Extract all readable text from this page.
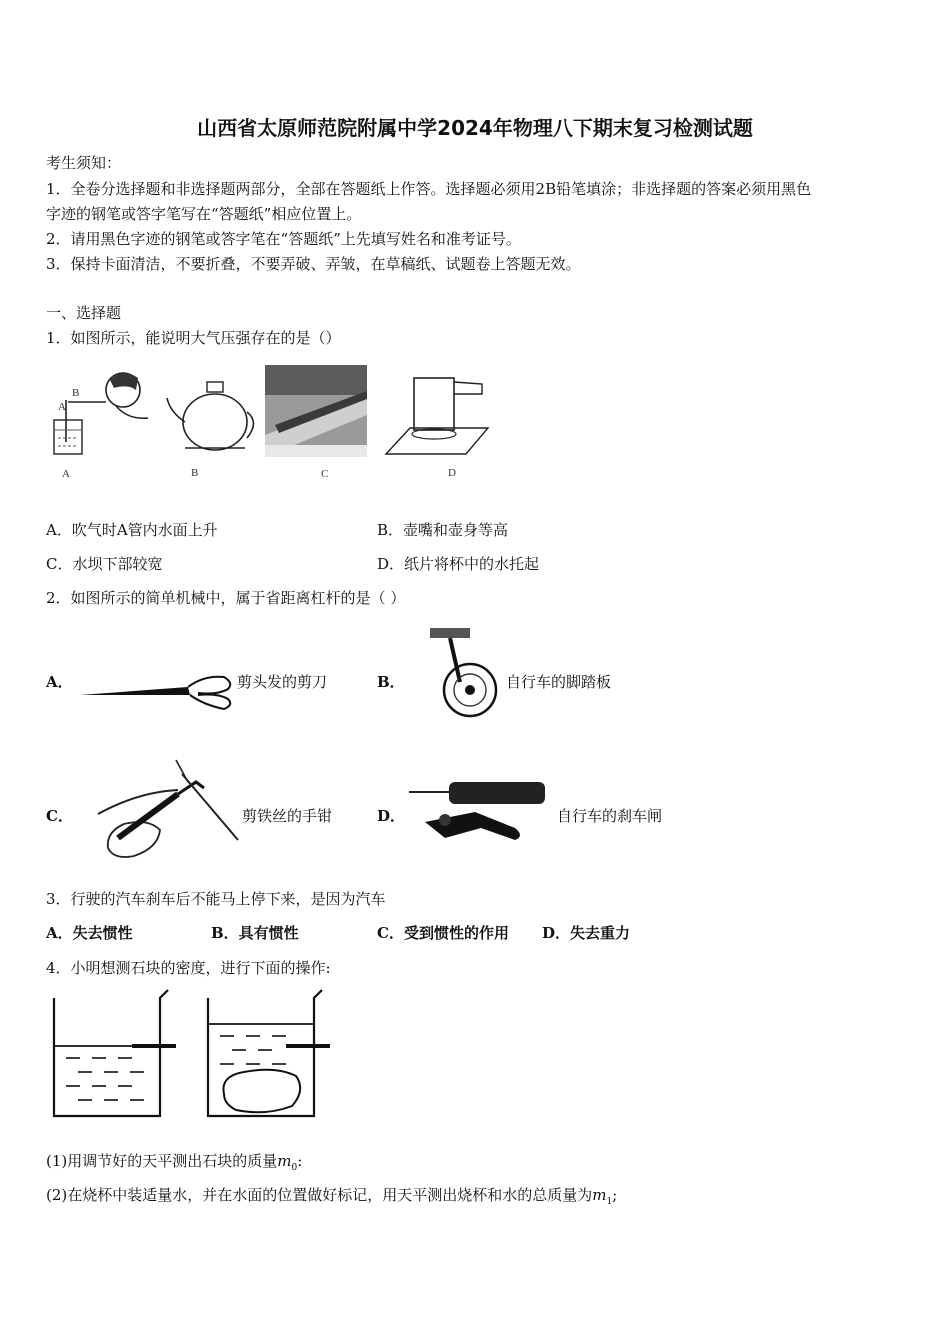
山西省太原师范院附属中学2024年物理八下期末复习检测试题
考生须知：
1．全卷分选择题和非选择题两部分，全部在答题纸上作答。选择题必须用2B铅笔填涂；非选择题的答案必须用黑色
字迹的钢笔或答字笔写在“答题纸”相应位置上。
2．请用黑色字迹的钢笔或答字笔在“答题纸”上先填写姓名和准考证号。
3．保持卡面清洁，不要折叠，不要弄破、弄皱，在草稿纸、试题卷上答题无效。
一、选择题
1．如图所示，能说明大气压强存在的是（）
A
B
A	B	C	D
A．吹气时A管内水面上升	B．壶嘴和壶身等高
C．水坝下部较宽	D．纸片将杯中的水托起
2．如图所示的简单机械中，属于省距离杠杆的是（ ）
A．	剪头发的剪刀	B．	自行车的脚踏板
C．	剪铁丝的手钳	D．	自行车的刹车闸
3．行驶的汽车刹车后不能马上停下来，是因为汽车
A．失去惯性	B．具有惯性	C．受到惯性的作用 D．失去重力
4．小明想测石块的密度，进行下面的操作:
(1)用调节好的天平测出石块的质量$m_0$:
(2)在烧杯中装适量水，并在水面的位置做好标记，用天平测出烧杯和水的总质量为$m_1$;
